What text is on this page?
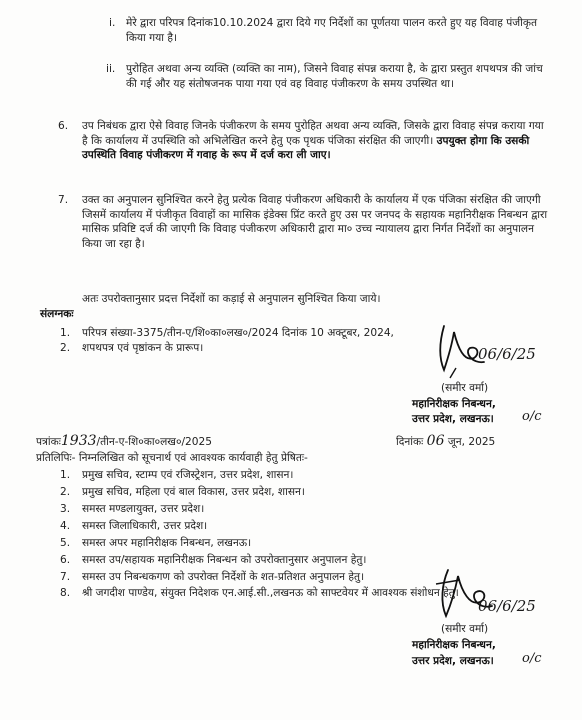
i. मेरे द्वारा परिपत्र दिनांक10.10.2024 द्वारा दिये गए निर्देशों का पूर्णतया पालन करते हुए यह विवाह पंजीकृत किया गया है।
ii. पुरोहित अथवा अन्य व्यक्ति (व्यक्ति का नाम), जिसने विवाह संपन्न कराया है, के द्वारा प्रस्तुत शपथपत्र की जांच की गई और यह संतोषजनक पाया गया एवं वह विवाह पंजीकरण के समय उपस्थित था।
6. उप निबंधक द्वारा ऐसे विवाह जिनके पंजीकरण के समय पुरोहित अथवा अन्य व्यक्ति, जिसके द्वारा विवाह संपन्न कराया गया है कि कार्यालय में उपस्थिति को अभिलेखित करने हेतु एक पृथक पंजिका संरक्षित की जाएगी। उपयुक्त होगा कि उसकी उपस्थिति विवाह पंजीकरण में गवाह के रूप में दर्ज करा ली जाए।
7. उक्त का अनुपालन सुनिश्चित करने हेतु प्रत्येक विवाह पंजीकरण अधिकारी के कार्यालय में एक पंजिका संरक्षित की जाएगी जिसमें कार्यालय में पंजीकृत विवाहों का मासिक इंडेक्स प्रिंट करते हुए उस पर जनपद के सहायक महानिरीक्षक निबन्धन द्वारा मासिक प्रविष्टि दर्ज की जाएगी कि विवाह पंजीकरण अधिकारी द्वारा मा० उच्च न्यायालय द्वारा निर्गत निर्देशों का अनुपालन किया जा रहा है।
अतः उपरोक्तानुसार प्रदत्त निर्देशों का कड़ाई से अनुपालन सुनिश्चित किया जाये।
संलग्नकः
1. परिपत्र संख्या-3375/तीन-ए/शि०का०लख०/2024 दिनांक 10 अक्टूबर, 2024,
2. शपथपत्र एवं पृष्ठांकन के प्रारूप।	06/6/25
(समीर वर्मा)
महानिरीक्षक निबन्धन,
उत्तर प्रदेश, लखनऊ। o/c
पत्रांकः1933/तीन-ए-शि०का०लख०/2025	दिनांकः 06 जून, 2025
प्रतिलिपिः- निम्नलिखित को सूचनार्थ एवं आवश्यक कार्यवाही हेतु प्रेषितः-
1. प्रमुख सचिव, स्टाम्प एवं रजिस्ट्रेशन, उत्तर प्रदेश, शासन।
2. प्रमुख सचिव, महिला एवं बाल विकास, उत्तर प्रदेश, शासन।
3. समस्त मण्डलायुक्त, उत्तर प्रदेश।
4. समस्त जिलाधिकारी, उत्तर प्रदेश।
5. समस्त अपर महानिरीक्षक निबन्धन, लखनऊ।
6. समस्त उप/सहायक महानिरीक्षक निबन्धन को उपरोक्तानुसार अनुपालन हेतु।
7. समस्त उप निबन्धकगण को उपरोक्त निर्देशों के शत-प्रतिशत अनुपालन हेतु।
8. श्री जगदीश पाण्डेय, संयुक्त निदेशक एन.आई.सी.,लखनऊ को साफ्टवेयर में आवश्यक संशोधन हेतु।
06/6/25
(समीर वर्मा)
महानिरीक्षक निबन्धन,
उत्तर प्रदेश, लखनऊ। o/c
